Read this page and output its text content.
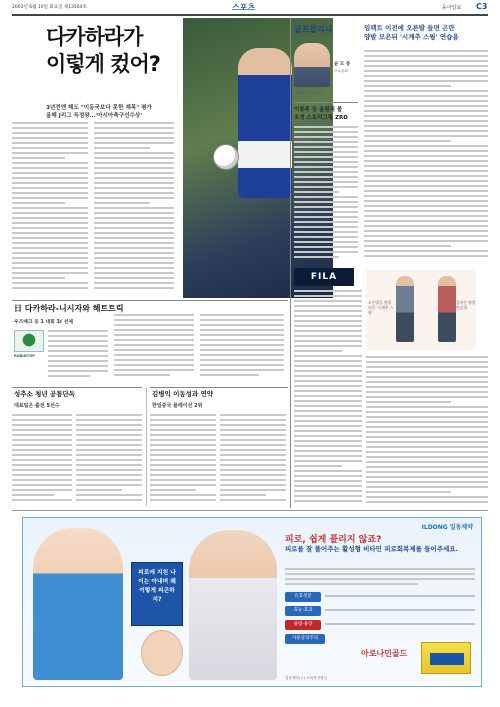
2003년 6월 10일 화요일 제13564호	스포츠	동아일보 C3
다카하라가
이렇게 컸어?
3년전엔 해도 "이동국보다 못한 재목" 평가
올해 J리그 득점왕…'아시아축구선수상'
日 다카하라-니시자와 해트트릭
우즈베크 등 1 대회 3ℓ 선제
RUBINTOP
성추소 청년 공통단독
대표팀은 출전 5선수
김병익 이동성과 연약
한일중국 플레이선 2위
골프클리닉
윤 모 중
프로골퍼
엠베이 골프클럽
임팩트 이전에 오른발 들면 곤란
양발 모은뒤 '시계추 스윙' 연습을
이봉주 등 올림픽 볼
조성 스토리그링 ZRD
FILA
오른발을 양발 모은 '시계추 스윙'
올바른 양발 연습법
ILDONG 일동제약
피로에 지친 나이는 아내며 왜 이렇게 피곤하지?
피로, 쉽게 풀리지 않죠?
피로를 잘 풀어주는 활성형 비타민 피로회복제를 들어주세요.
유효성분
효능·효과
용법·용량
사용상의주의
아로나민골드
일동제약(주) 소비자상담실
